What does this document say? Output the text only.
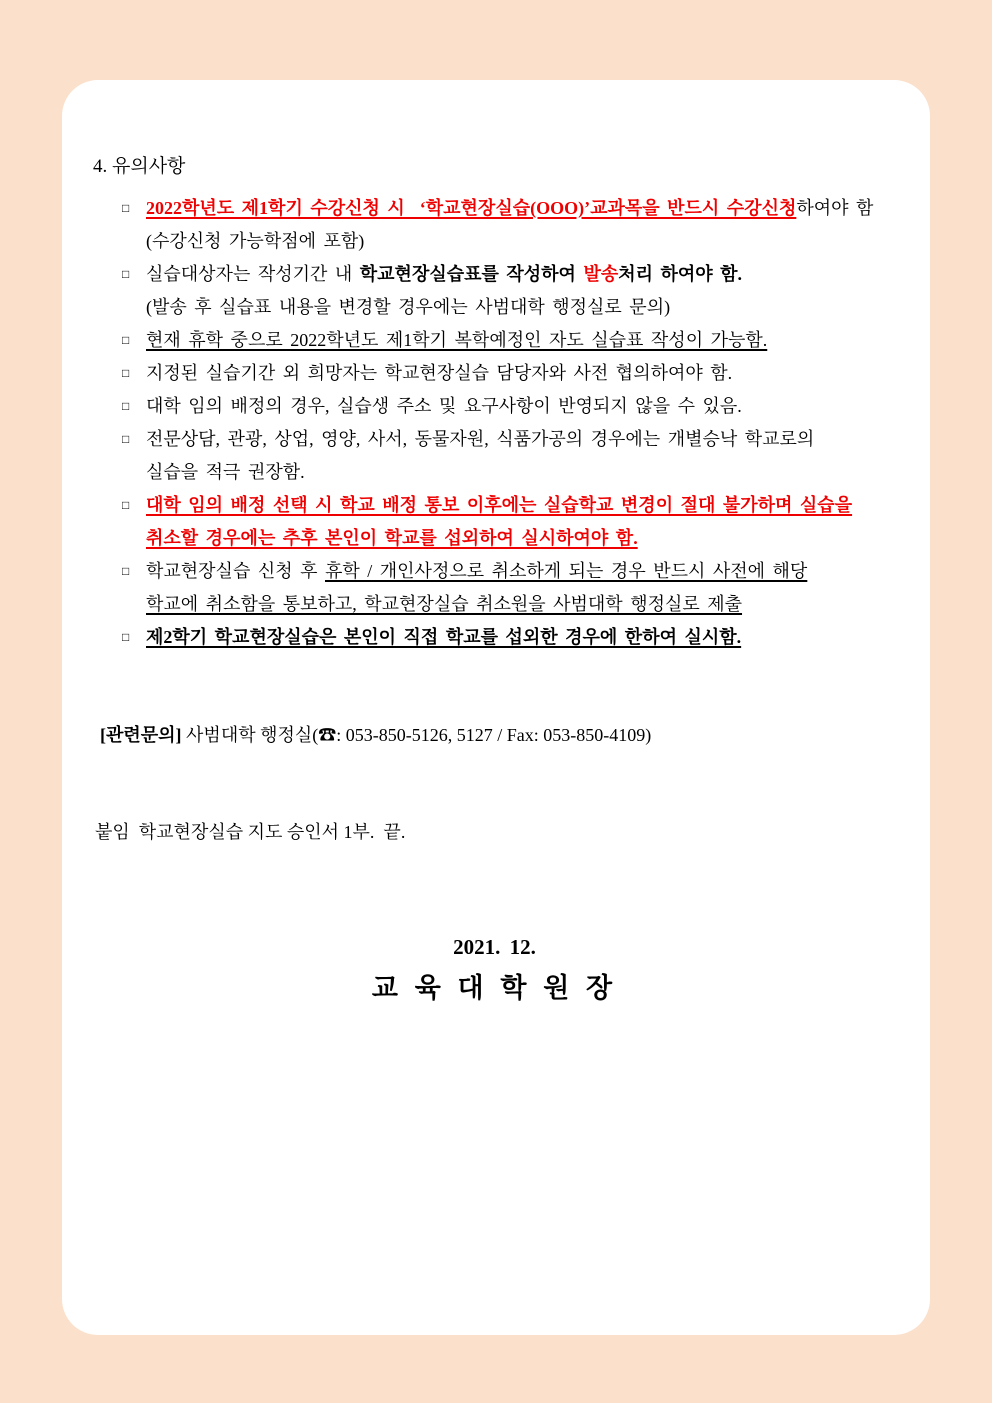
4. 유의사항
□ 2022학년도 제1학기 수강신청 시  ‘학교현장실습(OOO)’교과목을 반드시 수강신청하여야 함
(수강신청 가능학점에 포함)
□ 실습대상자는 작성기간 내 학교현장실습표를 작성하여 발송처리 하여야 함.
(발송 후 실습표 내용을 변경할 경우에는 사범대학 행정실로 문의)
□ 현재 휴학 중으로 2022학년도 제1학기 복학예정인 자도 실습표 작성이 가능함.
□ 지정된 실습기간 외 희망자는 학교현장실습 담당자와 사전 협의하여야 함.
□ 대학 임의 배정의 경우, 실습생 주소 및 요구사항이 반영되지 않을 수 있음.
□ 전문상담, 관광, 상업, 영양, 사서, 동물자원, 식품가공의 경우에는 개별승낙 학교로의
실습을 적극 권장함.
□ 대학 임의 배정 선택 시 학교 배정 통보 이후에는 실습학교 변경이 절대 불가하며 실습을
취소할 경우에는 추후 본인이 학교를 섭외하여 실시하여야 함.
□ 학교현장실습 신청 후 휴학 / 개인사정으로 취소하게 되는 경우 반드시 사전에 해당
학교에 취소함을 통보하고, 학교현장실습 취소원을 사범대학 행정실로 제출
□ 제2학기 학교현장실습은 본인이 직접 학교를 섭외한 경우에 한하여 실시함.
[관련문의] 사범대학 행정실(☎: 053-850-5126, 5127 / Fax: 053-850-4109)
붙임  학교현장실습 지도 승인서 1부.  끝.
2021. 12.
교 육 대 학 원 장
